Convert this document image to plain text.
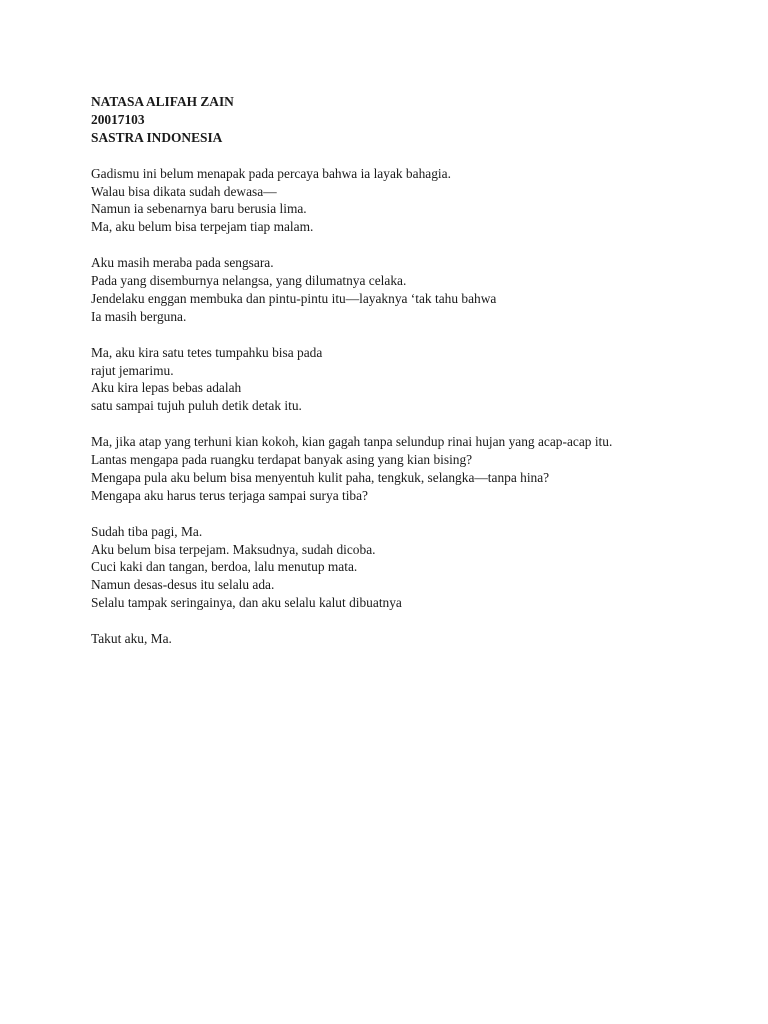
NATASA ALIFAH ZAIN
20017103
SASTRA INDONESIA
Gadismu ini belum menapak pada percaya bahwa ia layak bahagia.
Walau bisa dikata sudah dewasa—
Namun ia sebenarnya baru berusia lima.
Ma, aku belum bisa terpejam tiap malam.
Aku masih meraba pada sengsara.
Pada yang disemburnya nelangsa, yang dilumatnya celaka.
Jendelaku enggan membuka dan pintu-pintu itu—layaknya ‘tak tahu bahwa
Ia masih berguna.
Ma, aku kira satu tetes tumpahku bisa pada
rajut jemarimu.
Aku kira lepas bebas adalah
satu sampai tujuh puluh detik detak itu.
Ma, jika atap yang terhuni kian kokoh, kian gagah tanpa selundup rinai hujan yang acap-acap itu.
Lantas mengapa pada ruangku terdapat banyak asing yang kian bising?
Mengapa pula aku belum bisa menyentuh kulit paha, tengkuk, selangka—tanpa hina?
Mengapa aku harus terus terjaga sampai surya tiba?
Sudah tiba pagi, Ma.
Aku belum bisa terpejam. Maksudnya, sudah dicoba.
Cuci kaki dan tangan, berdoa, lalu menutup mata.
Namun desas-desus itu selalu ada.
Selalu tampak seringainya, dan aku selalu kalut dibuatnya
Takut aku, Ma.
